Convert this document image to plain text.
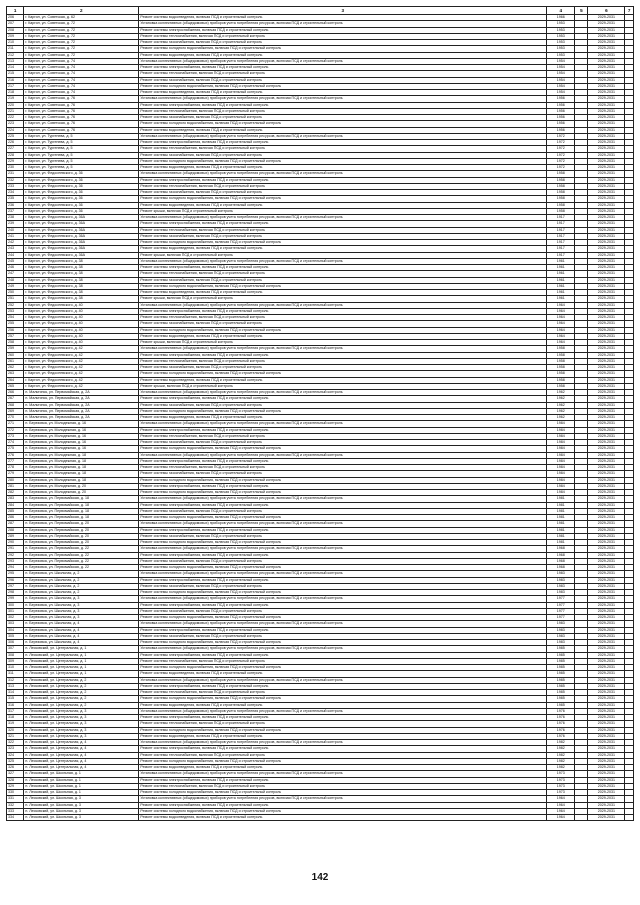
1	2	3	4	5	6	7
206	г. Каргил, ул. Советская, д. 62	Ремонт системы водоотведения, включая ПСД и строительный контроль	1966		2029-2031	
207	г. Каргил, ул. Советская, д. 72	Установка коллективных (общедомовых) приборов учета потребления ресурсов, включая ПСД и строительный контроль	1953		2029-2031	
208	г. Каргил, ул. Советская, д. 72	Ремонт системы электроснабжения, включая ПСД и строительный контроль	1953		2029-2031	
209	г. Каргил, ул. Советская, д. 72	Ремонт системы теплоснабжения, включая ПСД и строительный контроль	1953		2029-2031	
210	г. Каргил, ул. Советская, д. 72	Ремонт системы газоснабжения, включая ПСД и строительный контроль	1953		2029-2031	
211	г. Каргил, ул. Советская, д. 72	Ремонт системы холодного водоснабжения, включая ПСД и строительный контроль	1953		2029-2031	
212	г. Каргил, ул. Советская, д. 72	Ремонт системы водоотведения, включая ПСД и строительный контроль	1953		2029-2031	
213	г. Каргил, ул. Советская, д. 74	Установка коллективных (общедомовых) приборов учета потребления ресурсов, включая ПСД и строительный контроль	1954		2029-2031	
214	г. Каргил, ул. Советская, д. 74	Ремонт системы электроснабжения, включая ПСД и строительный контроль	1954		2029-2031	
215	г. Каргил, ул. Советская, д. 74	Ремонт системы теплоснабжения, включая ПСД и строительный контроль	1954		2029-2031	
216	г. Каргил, ул. Советская, д. 74	Ремонт системы газоснабжения, включая ПСД и строительный контроль	1954		2029-2031	
217	г. Каргил, ул. Советская, д. 74	Ремонт системы холодного водоснабжения, включая ПСД и строительный контроль	1954		2029-2031	
218	г. Каргил, ул. Советская, д. 74	Ремонт системы водоотведения, включая ПСД и строительный контроль	1954		2029-2031	
219	г. Каргил, ул. Советская, д. 76	Установка коллективных (общедомовых) приборов учета потребления ресурсов, включая ПСД и строительный контроль	1956		2029-2031	
220	г. Каргил, ул. Советская, д. 76	Ремонт системы электроснабжения, включая ПСД и строительный контроль	1956		2029-2031	
221	г. Каргил, ул. Советская, д. 76	Ремонт системы теплоснабжения, включая ПСД и строительный контроль	1956		2029-2031	
222	г. Каргил, ул. Советская, д. 76	Ремонт системы газоснабжения, включая ПСД и строительный контроль	1956		2029-2031	
223	г. Каргил, ул. Советская, д. 76	Ремонт системы холодного водоснабжения, включая ПСД и строительный контроль	1956		2029-2031	
224	г. Каргил, ул. Советская, д. 76	Ремонт системы водоотведения, включая ПСД и строительный контроль	1956		2029-2031	
225	г. Каргил, ул. Тургенева, д. 5	Установка коллективных (общедомовых) приборов учета потребления ресурсов, включая ПСД и строительный контроль	1972		2029-2031	
226	г. Каргил, ул. Тургенева, д. 5	Ремонт системы электроснабжения, включая ПСД и строительный контроль	1972		2029-2031	
227	г. Каргил, ул. Тургенева, д. 5	Ремонт системы теплоснабжения, включая ПСД и строительный контроль	1972		2029-2031	
228	г. Каргил, ул. Тургенева, д. 5	Ремонт системы газоснабжения, включая ПСД и строительный контроль	1972		2029-2031	
229	г. Каргил, ул. Тургенева, д. 5	Ремонт системы холодного водоснабжения, включая ПСД и строительный контроль	1972		2029-2031	
230	г. Каргил, ул. Тургенева, д. 5	Ремонт системы водоотведения, включая ПСД и строительный контроль	1972		2029-2031	
231	г. Каргил, ул. Федосеевского, д. 36	Установка коллективных (общедомовых) приборов учета потребления ресурсов, включая ПСД и строительный контроль	1958		2029-2031	
232	г. Каргил, ул. Федосеевского, д. 36	Ремонт системы электроснабжения, включая ПСД и строительный контроль	1958		2029-2031	
233	г. Каргил, ул. Федосеевского, д. 36	Ремонт системы теплоснабжения, включая ПСД и строительный контроль	1958		2029-2031	
234	г. Каргил, ул. Федосеевского, д. 36	Ремонт системы газоснабжения, включая ПСД и строительный контроль	1958		2029-2031	
235	г. Каргил, ул. Федосеевского, д. 36	Ремонт системы холодного водоснабжения, включая ПСД и строительный контроль	1958		2029-2031	
236	г. Каргил, ул. Федосеевского, д. 36	Ремонт системы водоотведения, включая ПСД и строительный контроль	1958		2029-2031	
237	г. Каргил, ул. Федосеевского, д. 36	Ремонт крыши, включая ПСД и строительный контроль	1958		2029-2031	
238	г. Каргил, ул. Федосеевского, д. 36А	Установка коллективных (общедомовых) приборов учета потребления ресурсов, включая ПСД и строительный контроль	1917		2029-2031	
239	г. Каргил, ул. Федосеевского, д. 36А	Ремонт системы электроснабжения, включая ПСД и строительный контроль	1917		2029-2031	
240	г. Каргил, ул. Федосеевского, д. 36А	Ремонт системы теплоснабжения, включая ПСД и строительный контроль	1917		2029-2031	
241	г. Каргил, ул. Федосеевского, д. 36А	Ремонт системы газоснабжения, включая ПСД и строительный контроль	1917		2029-2031	
242	г. Каргил, ул. Федосеевского, д. 36А	Ремонт системы холодного водоснабжения, включая ПСД и строительный контроль	1917		2029-2031	
243	г. Каргил, ул. Федосеевского, д. 36А	Ремонт системы водоотведения, включая ПСД и строительный контроль	1917		2029-2031	
244	г. Каргил, ул. Федосеевского, д. 36А	Ремонт крыши, включая ПСД и строительный контроль	1917		2029-2031	
245	г. Каргил, ул. Федосеевского, д. 38	Установка коллективных (общедомовых) приборов учета потребления ресурсов, включая ПСД и строительный контроль	1961		2029-2031	
246	г. Каргил, ул. Федосеевского, д. 38	Ремонт системы электроснабжения, включая ПСД и строительный контроль	1961		2029-2031	
247	г. Каргил, ул. Федосеевского, д. 38	Ремонт системы теплоснабжения, включая ПСД и строительный контроль	1961		2029-2031	
248	г. Каргил, ул. Федосеевского, д. 38	Ремонт системы газоснабжения, включая ПСД и строительный контроль	1961		2029-2031	
249	г. Каргил, ул. Федосеевского, д. 38	Ремонт системы холодного водоснабжения, включая ПСД и строительный контроль	1961		2029-2031	
250	г. Каргил, ул. Федосеевского, д. 38	Ремонт системы водоотведения, включая ПСД и строительный контроль	1961		2029-2031	
251	г. Каргил, ул. Федосеевского, д. 38	Ремонт крыши, включая ПСД и строительный контроль	1961		2029-2031	
252	г. Каргил, ул. Федосеевского, д. 40	Установка коллективных (общедомовых) приборов учета потребления ресурсов, включая ПСД и строительный контроль	1964		2029-2031	
253	г. Каргил, ул. Федосеевского, д. 40	Ремонт системы электроснабжения, включая ПСД и строительный контроль	1964		2029-2031	
254	г. Каргил, ул. Федосеевского, д. 40	Ремонт системы теплоснабжения, включая ПСД и строительный контроль	1964		2029-2031	
255	г. Каргил, ул. Федосеевского, д. 40	Ремонт системы газоснабжения, включая ПСД и строительный контроль	1964		2029-2031	
256	г. Каргил, ул. Федосеевского, д. 40	Ремонт системы холодного водоснабжения, включая ПСД и строительный контроль	1964		2029-2031	
257	г. Каргил, ул. Федосеевского, д. 40	Ремонт системы водоотведения, включая ПСД и строительный контроль	1964		2029-2031	
258	г. Каргил, ул. Федосеевского, д. 40	Ремонт крыши, включая ПСД и строительный контроль	1964		2029-2031	
259	г. Каргил, ул. Федосеевского, д. 42	Установка коллективных (общедомовых) приборов учета потребления ресурсов, включая ПСД и строительный контроль	1958		2029-2031	
260	г. Каргил, ул. Федосеевского, д. 42	Ремонт системы электроснабжения, включая ПСД и строительный контроль	1958		2029-2031	
261	г. Каргил, ул. Федосеевского, д. 42	Ремонт системы теплоснабжения, включая ПСД и строительный контроль	1958		2029-2031	
262	г. Каргил, ул. Федосеевского, д. 42	Ремонт системы газоснабжения, включая ПСД и строительный контроль	1958		2029-2031	
263	г. Каргил, ул. Федосеевского, д. 42	Ремонт системы холодного водоснабжения, включая ПСД и строительный контроль	1958		2029-2031	
264	г. Каргил, ул. Федосеевского, д. 42	Ремонт системы водоотведения, включая ПСД и строительный контроль	1958		2029-2031	
265	г. Каргил, ул. Федосеевского, д. 42	Ремонт крыши, включая ПСД и строительный контроль	1958		2029-2031	
266	п. Мальтинск, ул. Первомайская, д. 2А	Установка коллективных (общедомовых) приборов учета потребления ресурсов, включая ПСД и строительный контроль	1962		2029-2031	
267	п. Мальтинск, ул. Первомайская, д. 2А	Ремонт системы электроснабжения, включая ПСД и строительный контроль	1962		2029-2031	
268	п. Мальтинск, ул. Первомайская, д. 2А	Ремонт системы газоснабжения, включая ПСД и строительный контроль	1962		2029-2031	
269	п. Мальтинск, ул. Первомайская, д. 2А	Ремонт системы холодного водоснабжения, включая ПСД и строительный контроль	1962		2029-2031	
270	п. Мальтинск, ул. Первомайская, д. 2А	Ремонт системы водоотведения, включая ПСД и строительный контроль	1962		2029-2031	
271	п. Березовка, ул. Молодежная, д. 16	Установка коллективных (общедомовых) приборов учета потребления ресурсов, включая ПСД и строительный контроль	1984		2029-2031	
272	п. Березовка, ул. Молодежная, д. 16	Ремонт системы электроснабжения, включая ПСД и строительный контроль	1984		2029-2031	
273	п. Березовка, ул. Молодежная, д. 16	Ремонт системы теплоснабжения, включая ПСД и строительный контроль	1984		2029-2031	
274	п. Березовка, ул. Молодежная, д. 16	Ремонт системы газоснабжения, включая ПСД и строительный контроль	1984		2029-2031	
275	п. Березовка, ул. Молодежная, д. 16	Ремонт системы холодного водоснабжения, включая ПСД и строительный контроль	1984		2029-2031	
276	п. Березовка, ул. Молодежная, д. 18	Установка коллективных (общедомовых) приборов учета потребления ресурсов, включая ПСД и строительный контроль	1984		2029-2031	
277	п. Березовка, ул. Молодежная, д. 18	Ремонт системы электроснабжения, включая ПСД и строительный контроль	1984		2029-2031	
278	п. Березовка, ул. Молодежная, д. 18	Ремонт системы теплоснабжения, включая ПСД и строительный контроль	1984		2029-2031	
279	п. Березовка, ул. Молодежная, д. 18	Ремонт системы газоснабжения, включая ПСД и строительный контроль	1984		2029-2031	
280	п. Березовка, ул. Молодежная, д. 18	Ремонт системы холодного водоснабжения, включая ПСД и строительный контроль	1984		2029-2031	
281	п. Березовка, ул. Молодежная, д. 20	Ремонт системы электроснабжения, включая ПСД и строительный контроль	1984		2029-2031	
282	п. Березовка, ул. Молодежная, д. 20	Ремонт системы холодного водоснабжения, включая ПСД и строительный контроль	1984		2029-2031	
283	п. Березовка, ул. Первомайская, д. 18	Установка коллективных (общедомовых) приборов учета потребления ресурсов, включая ПСД и строительный контроль	1981		2029-2031	
284	п. Березовка, ул. Первомайская, д. 18	Ремонт системы электроснабжения, включая ПСД и строительный контроль	1981		2029-2031	
285	п. Березовка, ул. Первомайская, д. 18	Ремонт системы газоснабжения, включая ПСД и строительный контроль	1981		2029-2031	
286	п. Березовка, ул. Первомайская, д. 18	Ремонт системы холодного водоснабжения, включая ПСД и строительный контроль	1981		2029-2031	
287	п. Березовка, ул. Первомайская, д. 20	Установка коллективных (общедомовых) приборов учета потребления ресурсов, включая ПСД и строительный контроль	1981		2029-2031	
288	п. Березовка, ул. Первомайская, д. 20	Ремонт системы электроснабжения, включая ПСД и строительный контроль	1981		2029-2031	
289	п. Березовка, ул. Первомайская, д. 20	Ремонт системы газоснабжения, включая ПСД и строительный контроль	1981		2029-2031	
290	п. Березовка, ул. Первомайская, д. 20	Ремонт системы холодного водоснабжения, включая ПСД и строительный контроль	1981		2029-2031	
291	п. Березовка, ул. Первомайская, д. 22	Установка коллективных (общедомовых) приборов учета потребления ресурсов, включая ПСД и строительный контроль	1968		2029-2031	
292	п. Березовка, ул. Первомайская, д. 22	Ремонт системы электроснабжения, включая ПСД и строительный контроль	1968		2029-2031	
293	п. Березовка, ул. Первомайская, д. 22	Ремонт системы газоснабжения, включая ПСД и строительный контроль	1968		2029-2031	
294	п. Березовка, ул. Первомайская, д. 22	Ремонт системы холодного водоснабжения, включая ПСД и строительный контроль	1968		2029-2031	
295	п. Березовка, ул. Школьная, д. 2	Установка коллективных (общедомовых) приборов учета потребления ресурсов, включая ПСД и строительный контроль	1983		2029-2031	
296	п. Березовка, ул. Школьная, д. 2	Ремонт системы электроснабжения, включая ПСД и строительный контроль	1983		2029-2031	
297	п. Березовка, ул. Школьная, д. 2	Ремонт системы газоснабжения, включая ПСД и строительный контроль	1983		2029-2031	
298	п. Березовка, ул. Школьная, д. 2	Ремонт системы холодного водоснабжения, включая ПСД и строительный контроль	1983		2029-2031	
299	п. Березовка, ул. Школьная, д. 3	Установка коллективных (общедомовых) приборов учета потребления ресурсов, включая ПСД и строительный контроль	1977		2029-2031	
300	п. Березовка, ул. Школьная, д. 3	Ремонт системы электроснабжения, включая ПСД и строительный контроль	1977		2029-2031	
301	п. Березовка, ул. Школьная, д. 3	Ремонт системы газоснабжения, включая ПСД и строительный контроль	1977		2029-2031	
302	п. Березовка, ул. Школьная, д. 3	Ремонт системы холодного водоснабжения, включая ПСД и строительный контроль	1977		2029-2031	
303	п. Березовка, ул. Школьная, д. 4	Установка коллективных (общедомовых) приборов учета потребления ресурсов, включая ПСД и строительный контроль	1983		2029-2031	
304	п. Березовка, ул. Школьная, д. 4	Ремонт системы электроснабжения, включая ПСД и строительный контроль	1983		2029-2031	
305	п. Березовка, ул. Школьная, д. 4	Ремонт системы газоснабжения, включая ПСД и строительный контроль	1983		2029-2031	
306	п. Березовка, ул. Школьная, д. 4	Ремонт системы холодного водоснабжения, включая ПСД и строительный контроль	1983		2029-2031	
307	п. Лесковский, ул. Центральная, д. 1	Установка коллективных (общедомовых) приборов учета потребления ресурсов, включая ПСД и строительный контроль	1985		2029-2031	
308	п. Лесковский, ул. Центральная, д. 1	Ремонт системы электроснабжения, включая ПСД и строительный контроль	1985		2029-2031	
309	п. Лесковский, ул. Центральная, д. 1	Ремонт системы теплоснабжения, включая ПСД и строительный контроль	1985		2029-2031	
310	п. Лесковский, ул. Центральная, д. 1	Ремонт системы холодного водоснабжения, включая ПСД и строительный контроль	1985		2029-2031	
311	п. Лесковский, ул. Центральная, д. 1	Ремонт системы водоотведения, включая ПСД и строительный контроль	1985		2029-2031	
312	п. Лесковский, ул. Центральная, д. 2	Установка коллективных (общедомовых) приборов учета потребления ресурсов, включая ПСД и строительный контроль	1985		2029-2031	
313	п. Лесковский, ул. Центральная, д. 2	Ремонт системы электроснабжения, включая ПСД и строительный контроль	1985		2029-2031	
314	п. Лесковский, ул. Центральная, д. 2	Ремонт системы теплоснабжения, включая ПСД и строительный контроль	1985		2029-2031	
315	п. Лесковский, ул. Центральная, д. 2	Ремонт системы холодного водоснабжения, включая ПСД и строительный контроль	1985		2029-2031	
316	п. Лесковский, ул. Центральная, д. 2	Ремонт системы водоотведения, включая ПСД и строительный контроль	1985		2029-2031	
317	п. Лесковский, ул. Центральная, д. 3	Установка коллективных (общедомовых) приборов учета потребления ресурсов, включая ПСД и строительный контроль	1976		2029-2031	
318	п. Лесковский, ул. Центральная, д. 3	Ремонт системы электроснабжения, включая ПСД и строительный контроль	1976		2029-2031	
319	п. Лесковский, ул. Центральная, д. 3	Ремонт системы теплоснабжения, включая ПСД и строительный контроль	1976		2029-2031	
320	п. Лесковский, ул. Центральная, д. 3	Ремонт системы холодного водоснабжения, включая ПСД и строительный контроль	1976		2029-2031	
321	п. Лесковский, ул. Центральная, д. 3	Ремонт системы водоотведения, включая ПСД и строительный контроль	1976		2029-2031	
322	п. Лесковский, ул. Центральная, д. 4	Установка коллективных (общедомовых) приборов учета потребления ресурсов, включая ПСД и строительный контроль	1982		2029-2031	
323	п. Лесковский, ул. Центральная, д. 4	Ремонт системы электроснабжения, включая ПСД и строительный контроль	1982		2029-2031	
324	п. Лесковский, ул. Центральная, д. 4	Ремонт системы теплоснабжения, включая ПСД и строительный контроль	1982		2029-2031	
325	п. Лесковский, ул. Центральная, д. 4	Ремонт системы холодного водоснабжения, включая ПСД и строительный контроль	1982		2029-2031	
326	п. Лесковский, ул. Центральная, д. 4	Ремонт системы водоотведения, включая ПСД и строительный контроль	1982		2029-2031	
327	п. Лесковский, ул. Школьная, д. 1	Установка коллективных (общедомовых) приборов учета потребления ресурсов, включая ПСД и строительный контроль	1973		2029-2031	
328	п. Лесковский, ул. Школьная, д. 1	Ремонт системы электроснабжения, включая ПСД и строительный контроль	1973		2029-2031	
329	п. Лесковский, ул. Школьная, д. 1	Ремонт системы теплоснабжения, включая ПСД и строительный контроль	1973		2029-2031	
330	п. Лесковский, ул. Школьная, д. 1	Ремонт системы холодного водоснабжения, включая ПСД и строительный контроль	1973		2029-2031	
331	п. Лесковский, ул. Школьная, д. 3	Установка коллективных (общедомовых) приборов учета потребления ресурсов, включая ПСД и строительный контроль	1964		2029-2031	
332	п. Лесковский, ул. Школьная, д. 3	Ремонт системы электроснабжения, включая ПСД и строительный контроль	1964		2029-2031	
333	п. Лесковский, ул. Школьная, д. 3	Ремонт системы холодного водоснабжения, включая ПСД и строительный контроль	1964		2029-2031	
334	п. Лесковский, ул. Школьная, д. 3	Ремонт системы водоотведения, включая ПСД и строительный контроль	1964		2029-2031	
142
